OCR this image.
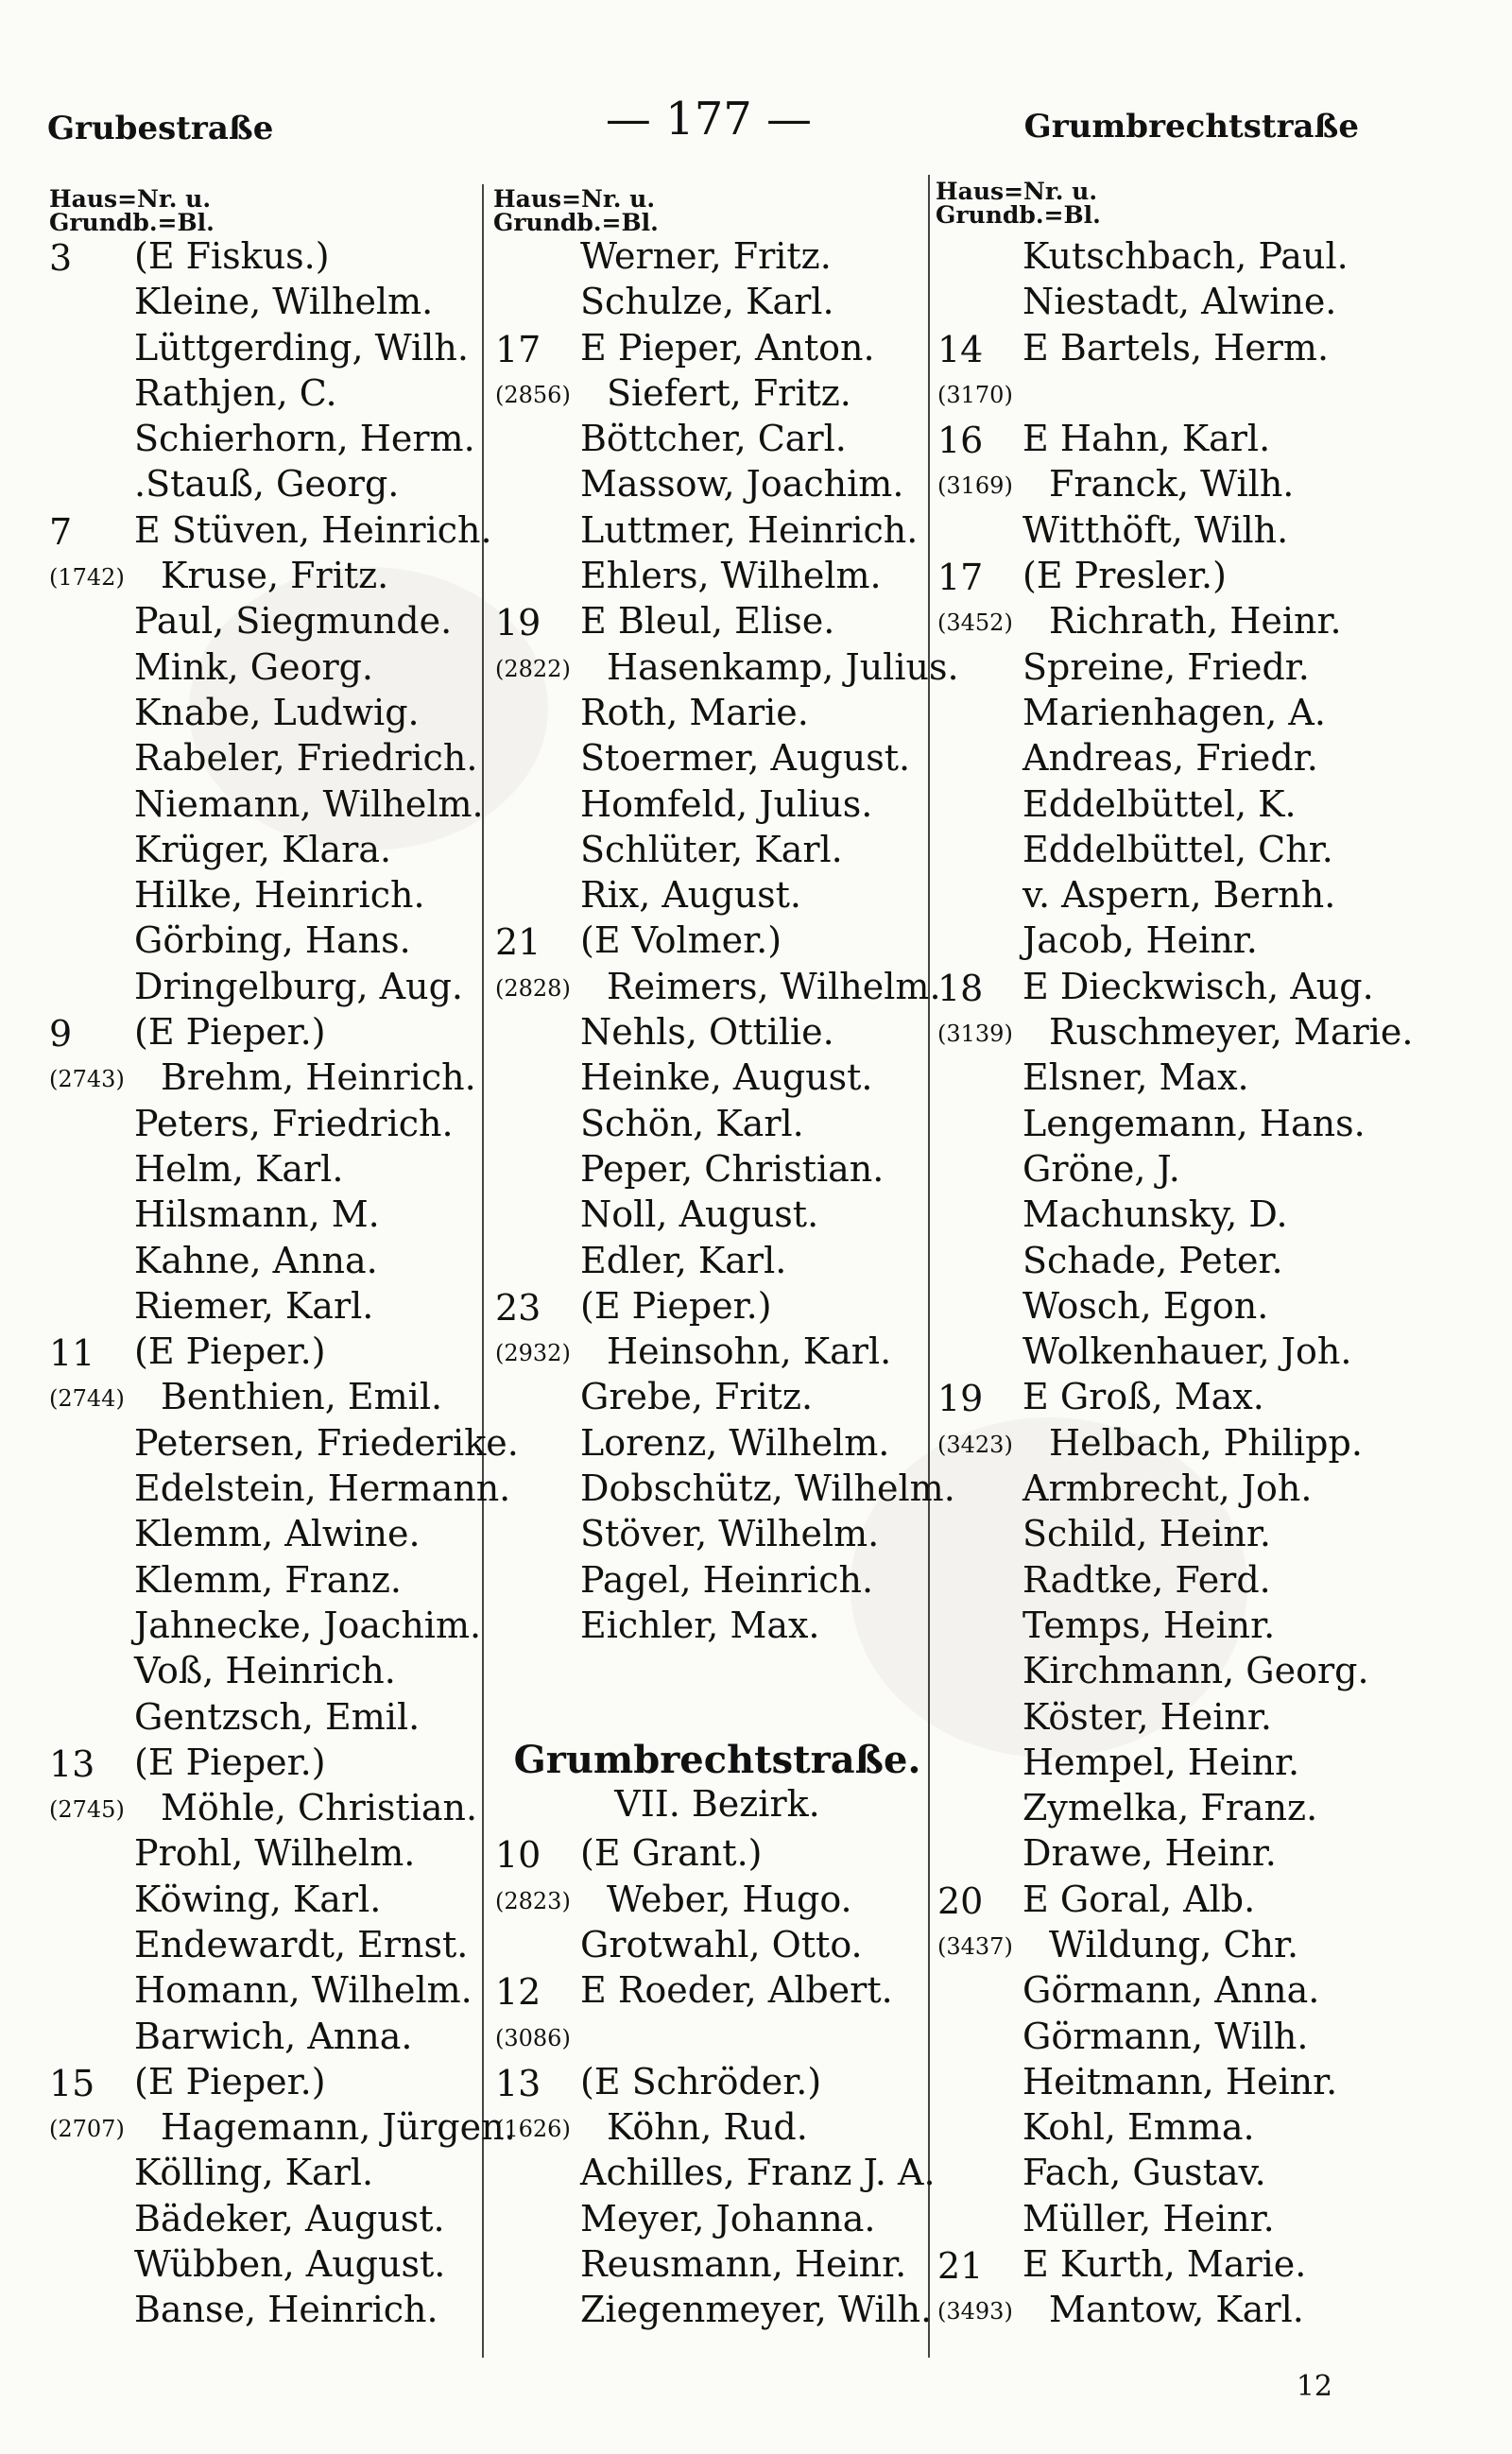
Grubestraße	— 177 —	Grumbrechtstraße
Haus=Nr. u.
Grundb.=Bl.
Haus=Nr. u.
Grundb.=Bl.
Haus=Nr. u.
Grundb.=Bl.
3 (E Fiskus.)
Kleine, Wilhelm.
Lüttgerding, Wilh.
Rathjen, C.
Schierhorn, Herm.
.Stauß, Georg.
7 E Stüven, Heinrich.
(1742) Kruse, Fritz.
Paul, Siegmunde.
Mink, Georg.
Knabe, Ludwig.
Rabeler, Friedrich.
Niemann, Wilhelm.
Krüger, Klara.
Hilke, Heinrich.
Görbing, Hans.
Dringelburg, Aug.
9 (E Pieper.)
(2743) Brehm, Heinrich.
Peters, Friedrich.
Helm, Karl.
Hilsmann, M.
Kahne, Anna.
Riemer, Karl.
11 (E Pieper.)
(2744) Benthien, Emil.
Petersen, Friederike.
Edelstein, Hermann.
Klemm, Alwine.
Klemm, Franz.
Jahnecke, Joachim.
Voß, Heinrich.
Gentzsch, Emil.
13 (E Pieper.)
(2745) Möhle, Christian.
Prohl, Wilhelm.
Köwing, Karl.
Endewardt, Ernst.
Homann, Wilhelm.
Barwich, Anna.
15 (E Pieper.)
(2707) Hagemann, Jürgen.
Kölling, Karl.
Bädeker, August.
Wübben, August.
Banse, Heinrich.
Werner, Fritz.
Schulze, Karl.
17 E Pieper, Anton.
(2856) Siefert, Fritz.
Böttcher, Carl.
Massow, Joachim.
Luttmer, Heinrich.
Ehlers, Wilhelm.
19 E Bleul, Elise.
(2822) Hasenkamp, Julius.
Roth, Marie.
Stoermer, August.
Homfeld, Julius.
Schlüter, Karl.
Rix, August.
21 (E Volmer.)
(2828) Reimers, Wilhelm.
Nehls, Ottilie.
Heinke, August.
Schön, Karl.
Peper, Christian.
Noll, August.
Edler, Karl.
23 (E Pieper.)
(2932) Heinsohn, Karl.
Grebe, Fritz.
Lorenz, Wilhelm.
Dobschütz, Wilhelm.
Stöver, Wilhelm.
Pagel, Heinrich.
Eichler, Max.
Grumbrechtstraße.
VII. Bezirk.
10 (E Grant.)
(2823) Weber, Hugo.
Grotwahl, Otto.
12 E Roeder, Albert.
(3086)
13 (E Schröder.)
(1626) Köhn, Rud.
Achilles, Franz J. A.
Meyer, Johanna.
Reusmann, Heinr.
Ziegenmeyer, Wilh.
Kutschbach, Paul.
Niestadt, Alwine.
14 E Bartels, Herm.
(3170)
16 E Hahn, Karl.
(3169) Franck, Wilh.
Witthöft, Wilh.
17 (E Presler.)
(3452) Richrath, Heinr.
Spreine, Friedr.
Marienhagen, A.
Andreas, Friedr.
Eddelbüttel, K.
Eddelbüttel, Chr.
v. Aspern, Bernh.
Jacob, Heinr.
18 E Dieckwisch, Aug.
(3139) Ruschmeyer, Marie.
Elsner, Max.
Lengemann, Hans.
Gröne, J.
Machunsky, D.
Schade, Peter.
Wosch, Egon.
Wolkenhauer, Joh.
19 E Groß, Max.
(3423) Helbach, Philipp.
Armbrecht, Joh.
Schild, Heinr.
Radtke, Ferd.
Temps, Heinr.
Kirchmann, Georg.
Köster, Heinr.
Hempel, Heinr.
Zymelka, Franz.
Drawe, Heinr.
20 E Goral, Alb.
(3437) Wildung, Chr.
Görmann, Anna.
Görmann, Wilh.
Heitmann, Heinr.
Kohl, Emma.
Fach, Gustav.
Müller, Heinr.
21 E Kurth, Marie.
(3493) Mantow, Karl.
12
